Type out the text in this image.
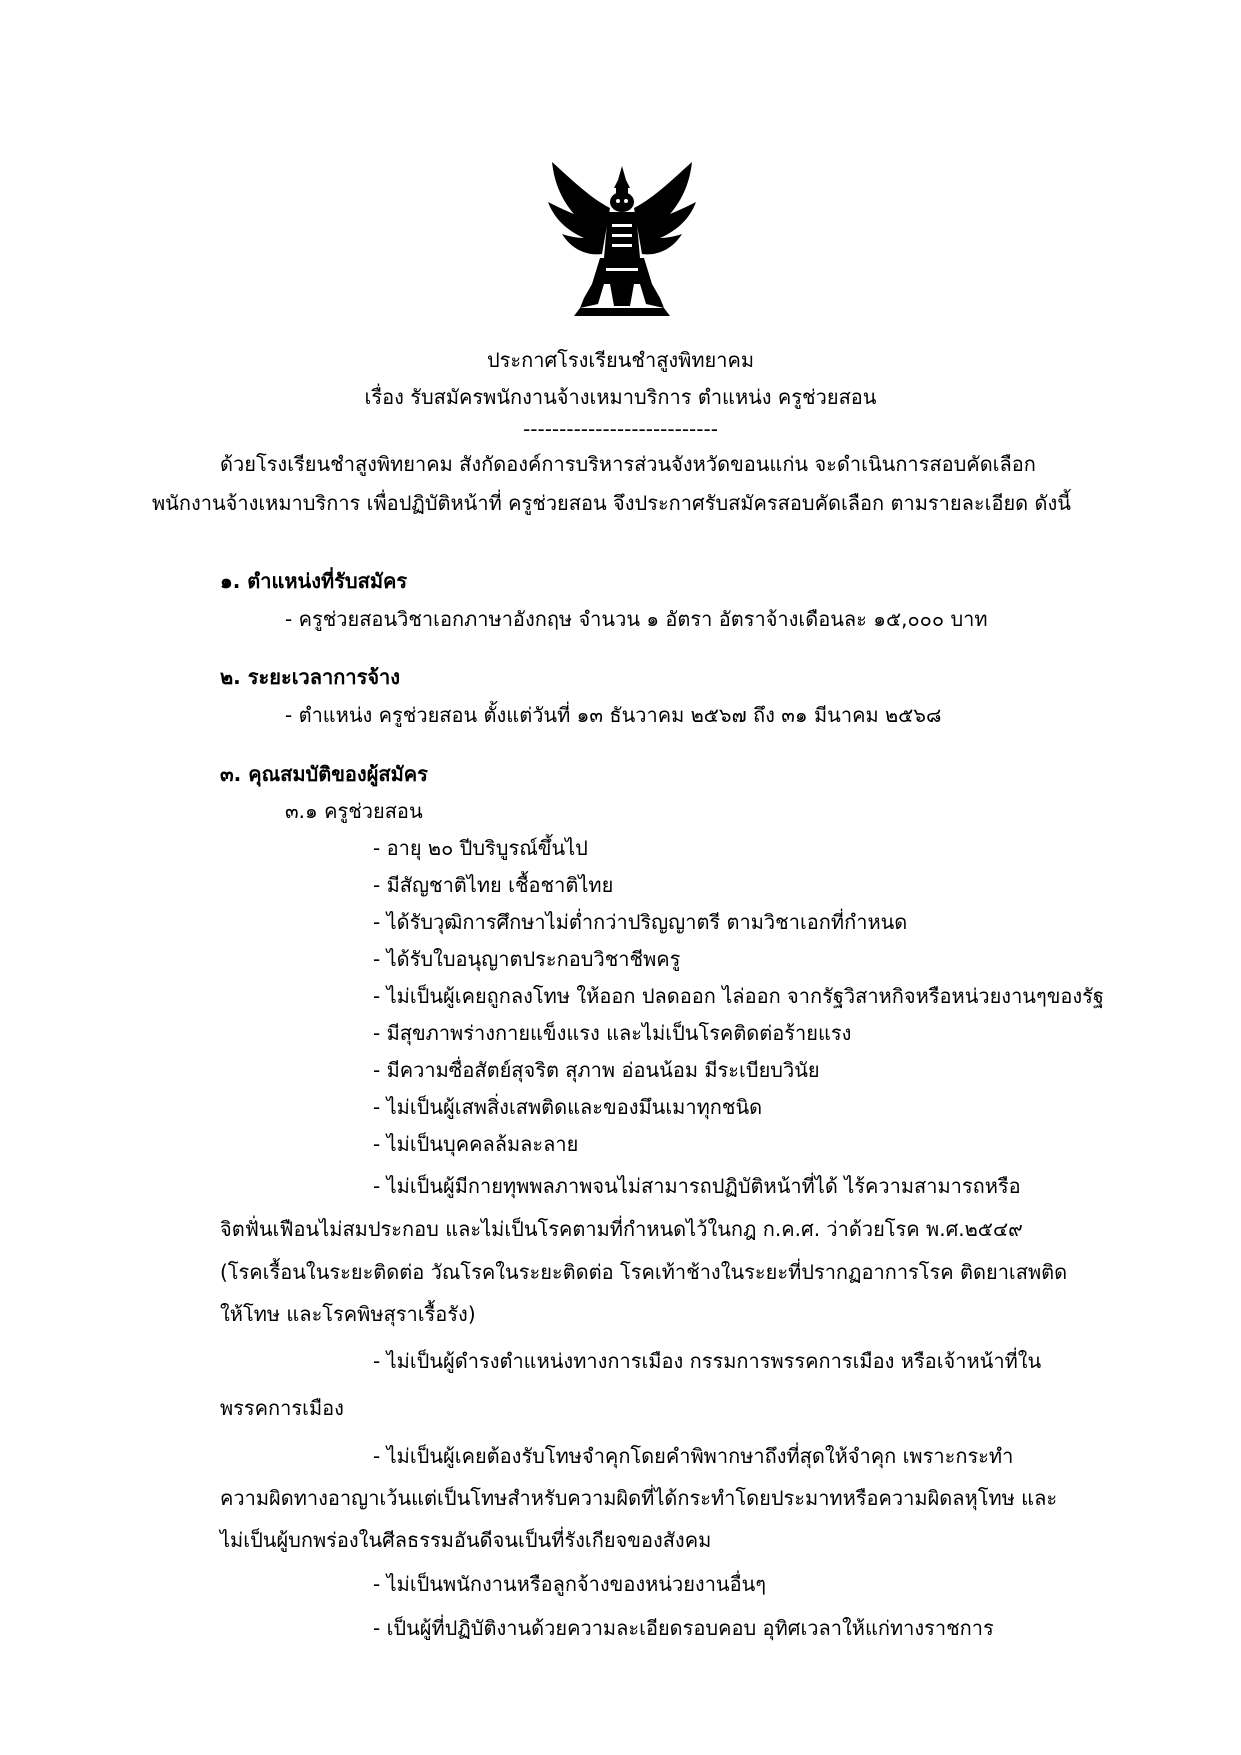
ประกาศโรงเรียนชำสูงพิทยาคม
เรื่อง รับสมัครพนักงานจ้างเหมาบริการ ตำแหน่ง ครูช่วยสอน
---------------------------
ด้วยโรงเรียนชำสูงพิทยาคม สังกัดองค์การบริหารส่วนจังหวัดขอนแก่น จะดำเนินการสอบคัดเลือก
พนักงานจ้างเหมาบริการ เพื่อปฏิบัติหน้าที่ ครูช่วยสอน จึงประกาศรับสมัครสอบคัดเลือก ตามรายละเอียด ดังนี้
๑. ตำแหน่งที่รับสมัคร
- ครูช่วยสอนวิชาเอกภาษาอังกฤษ จำนวน ๑ อัตรา อัตราจ้างเดือนละ ๑๕,๐๐๐ บาท
๒. ระยะเวลาการจ้าง
- ตำแหน่ง ครูช่วยสอน ตั้งแต่วันที่ ๑๓ ธันวาคม ๒๕๖๗ ถึง ๓๑ มีนาคม ๒๕๖๘
๓. คุณสมบัติของผู้สมัคร
๓.๑ ครูช่วยสอน
- อายุ ๒๐ ปีบริบูรณ์ขึ้นไป
- มีสัญชาติไทย เชื้อชาติไทย
- ได้รับวุฒิการศึกษาไม่ต่ำกว่าปริญญาตรี ตามวิชาเอกที่กำหนด
- ได้รับใบอนุญาตประกอบวิชาชีพครู
- ไม่เป็นผู้เคยถูกลงโทษ ให้ออก ปลดออก ไล่ออก จากรัฐวิสาหกิจหรือหน่วยงานๆของรัฐ
- มีสุขภาพร่างกายแข็งแรง และไม่เป็นโรคติดต่อร้ายแรง
- มีความซื่อสัตย์สุจริต สุภาพ อ่อนน้อม มีระเบียบวินัย
- ไม่เป็นผู้เสพสิ่งเสพติดและของมึนเมาทุกชนิด
- ไม่เป็นบุคคลล้มละลาย
- ไม่เป็นผู้มีกายทุพพลภาพจนไม่สามารถปฏิบัติหน้าที่ได้ ไร้ความสามารถหรือ
จิตฟั่นเฟือนไม่สมประกอบ และไม่เป็นโรคตามที่กำหนดไว้ในกฎ ก.ค.ศ. ว่าด้วยโรค พ.ศ.๒๕๔๙
(โรคเรื้อนในระยะติดต่อ วัณโรคในระยะติดต่อ โรคเท้าช้างในระยะที่ปรากฏอาการโรค ติดยาเสพติด
ให้โทษ และโรคพิษสุราเรื้อรัง)
- ไม่เป็นผู้ดำรงตำแหน่งทางการเมือง กรรมการพรรคการเมือง หรือเจ้าหน้าที่ใน
พรรคการเมือง
- ไม่เป็นผู้เคยต้องรับโทษจำคุกโดยคำพิพากษาถึงที่สุดให้จำคุก เพราะกระทำ
ความผิดทางอาญาเว้นแต่เป็นโทษสำหรับความผิดที่ได้กระทำโดยประมาทหรือความผิดลหุโทษ และ
ไม่เป็นผู้บกพร่องในศีลธรรมอันดีจนเป็นที่รังเกียจของสังคม
- ไม่เป็นพนักงานหรือลูกจ้างของหน่วยงานอื่นๆ
- เป็นผู้ที่ปฏิบัติงานด้วยความละเอียดรอบคอบ อุทิศเวลาให้แก่ทางราชการ
